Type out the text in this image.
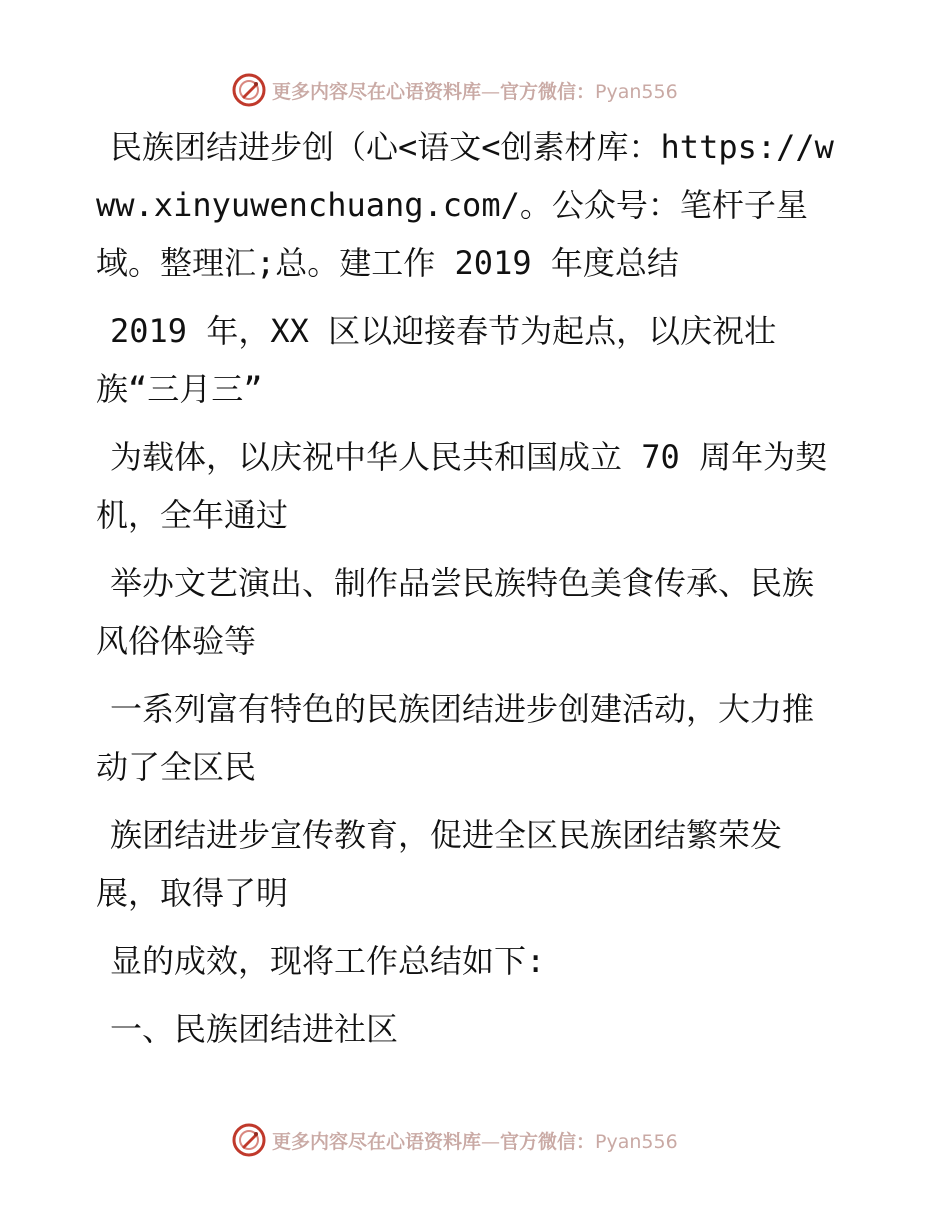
更多内容尽在心语资料库—官方微信：Pyan556

民族团结进步创（心<语文<创素材库：https://www.xinyuwenchuang.com/。公众号：笔杆子星域。整理汇;总。建工作 2019 年度总结

2019 年，XX 区以迎接春节为起点，以庆祝壮族“三月三”

为载体，以庆祝中华人民共和国成立 70 周年为契机，全年通过

举办文艺演出、制作品尝民族特色美食传承、民族风俗体验等

一系列富有特色的民族团结进步创建活动，大力推动了全区民

族团结进步宣传教育，促进全区民族团结繁荣发展，取得了明

显的成效，现将工作总结如下:

一、民族团结进社区

更多内容尽在心语资料库—官方微信：Pyan556
